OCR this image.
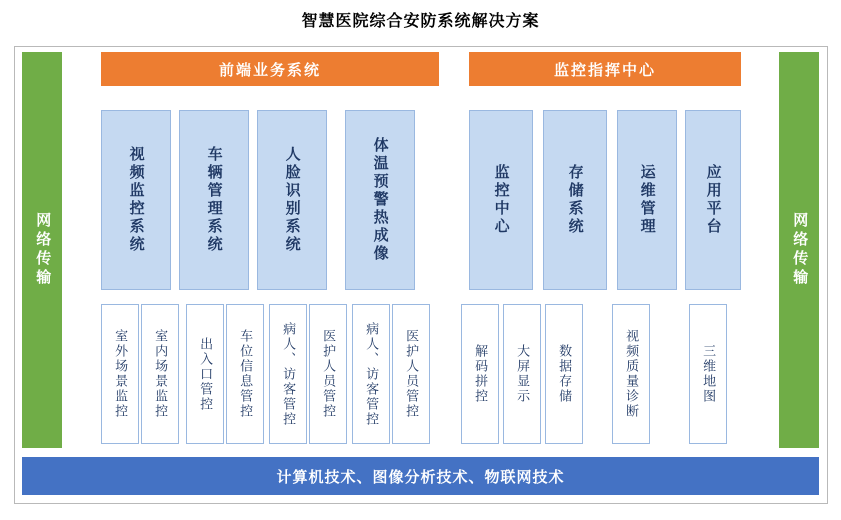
智慧医院综合安防系统解决方案
网络传输	网络传输
前端业务系统	监控指挥中心
视频监控系统	车辆管理系统	人脸识别系统	体温预警热成像	监控中心	存储系统	运维管理	应用平台
室外场景监控 室内场景监控 出入口管控 车位信息管控 病人、访客管控 医护人员管控 病人、访客管控 医护人员管控	解码拼控 大屏显示 数据存储	视频质量诊断	三维地图
计算机技术、图像分析技术、物联网技术
